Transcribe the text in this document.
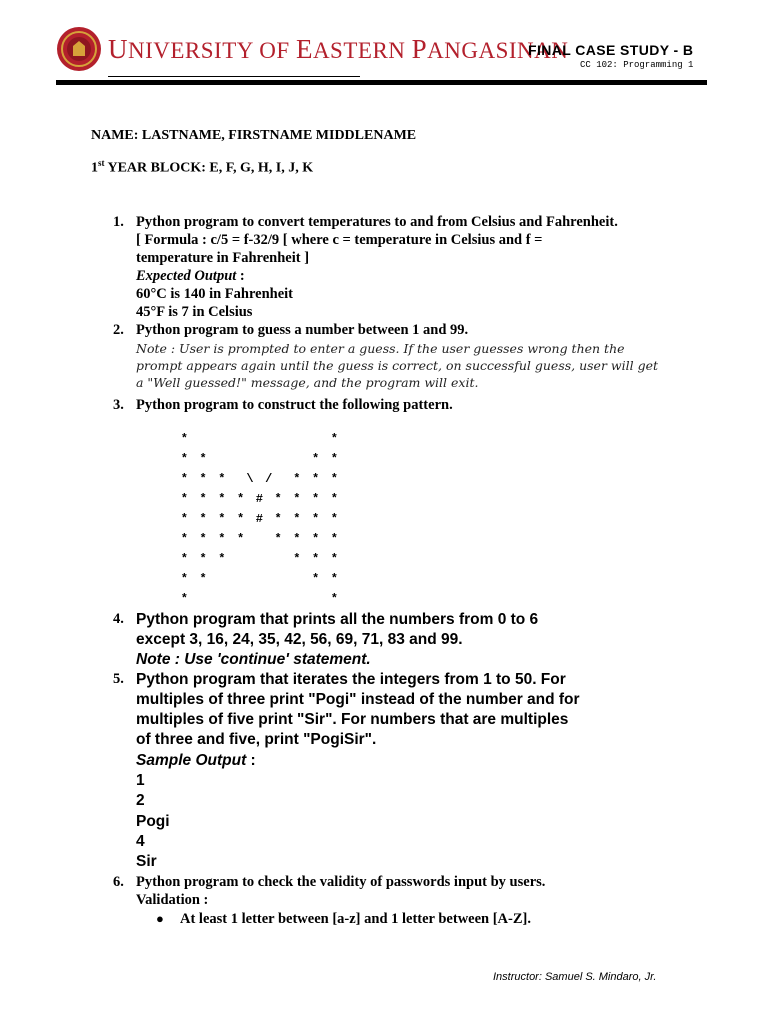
UNIVERSITY OF EASTERN PANGASINAN
FINAL CASE STUDY - B
CC 102: Programming 1
NAME: LASTNAME, FIRSTNAME MIDDLENAME
1st YEAR BLOCK: E, F, G, H, I, J, K
1. Python program to convert temperatures to and from Celsius and Fahrenheit.
[ Formula : c/5 = f-32/9 [ where c = temperature in Celsius and f =
temperature in Fahrenheit ]
Expected Output :
60°C is 140 in Fahrenheit
45°F is 7 in Celsius
2. Python program to guess a number between 1 and 99.
Note : User is prompted to enter a guess. If the user guesses wrong then the
prompt appears again until the guess is correct, on successful guess, user will get
a "Well guessed!" message, and the program will exit.
3. Python program to construct the following pattern.
*	*
* *	*
*
* * *	*
*
*
\ /
* * * *	*
*
*
*
#
* * * *	*
*
*
*
#
* * * *	*
*
*
*
* * *	*
*
*
* *	*
*
*	*
4. Python program that prints all the numbers from 0 to 6
except 3, 16, 24, 35, 42, 56, 69, 71, 83 and 99.
Note : Use 'continue' statement.
5. Python program that iterates the integers from 1 to 50. For
multiples of three print "Pogi" instead of the number and for
multiples of five print "Sir". For numbers that are multiples
of three and five, print "PogiSir".
Sample Output :
1
2
Pogi
4
Sir
6. Python program to check the validity of passwords input by users.
Validation :
● At least 1 letter between [a-z] and 1 letter between [A-Z].
Instructor: Samuel S. Mindaro, Jr.
